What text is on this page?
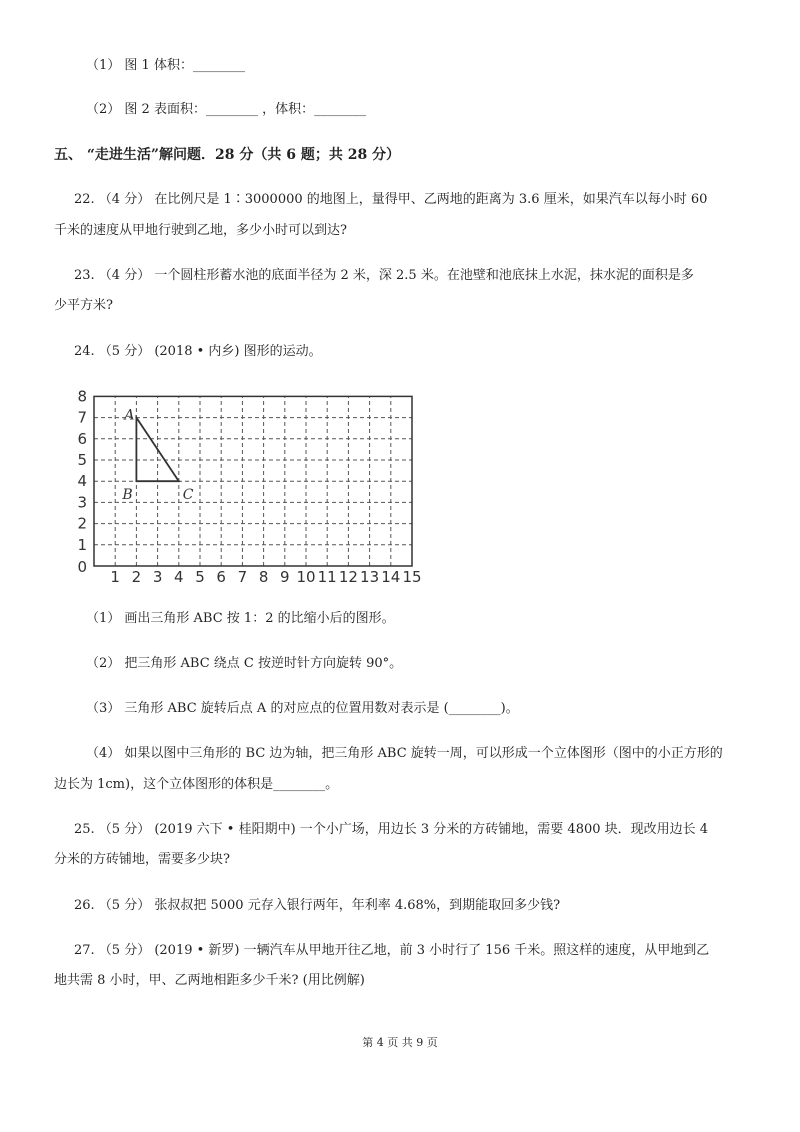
（1） 图 1 体积：________
（2） 图 2 表面积：________ ，体积：________
五、 “走进生活”解问题．28 分（共 6 题；共 28 分）
22. （4 分） 在比例尺是 1∶3000000 的地图上，量得甲、乙两地的距离为 3.6 厘米，如果汽车以每小时 60
千米的速度从甲地行驶到乙地，多少小时可以到达?
23. （4 分） 一个圆柱形蓄水池的底面半径为 2 米，深 2.5 米。在池壁和池底抹上水泥，抹水泥的面积是多
少平方米?
24. （5 分） (2018 • 内乡) 图形的运动。
1 2 3 4 5 6 7 8 9 10 11 12 13 14 15
1
2
3
4
5
6
7
8
0
A
B	C
（1） 画出三角形 ABC 按 1：2 的比缩小后的图形。
（2） 把三角形 ABC 绕点 C 按逆时针方向旋转 90°。
（3） 三角形 ABC 旋转后点 A 的对应点的位置用数对表示是 (________)。
（4） 如果以图中三角形的 BC 边为轴，把三角形 ABC 旋转一周，可以形成一个立体图形（图中的小正方形的
边长为 1cm)，这个立体图形的体积是________。
25. （5 分） (2019 六下 • 桂阳期中) 一个小广场，用边长 3 分米的方砖铺地，需要 4800 块．现改用边长 4
分米的方砖铺地，需要多少块?
26. （5 分） 张叔叔把 5000 元存入银行两年，年利率 4.68%，到期能取回多少钱?
27. （5 分） (2019 • 新罗) 一辆汽车从甲地开往乙地，前 3 小时行了 156 千米。照这样的速度，从甲地到乙
地共需 8 小时，甲、乙两地相距多少千米? (用比例解)
第 4 页 共 9 页
